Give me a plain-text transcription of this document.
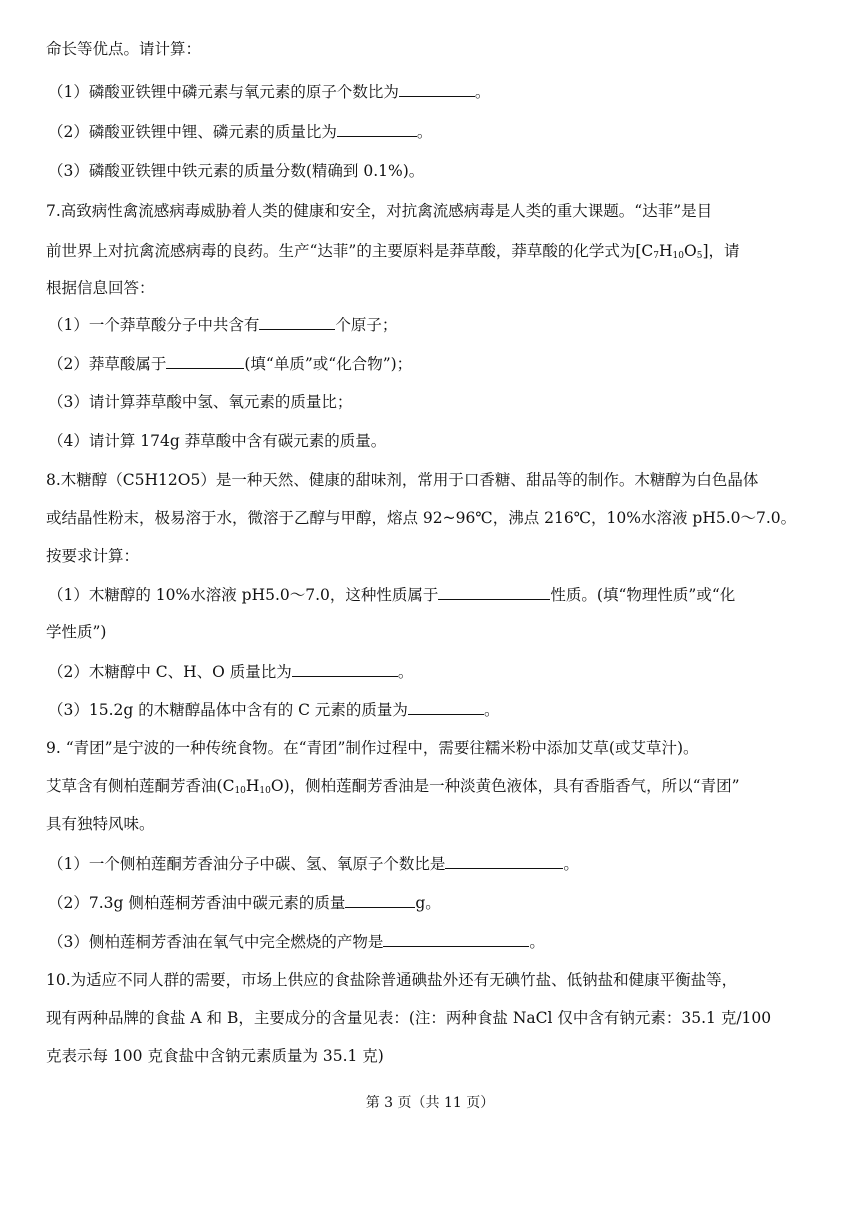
命长等优点。请计算：
（1）磷酸亚铁锂中磷元素与氧元素的原子个数比为	。
（2）磷酸亚铁锂中锂、磷元素的质量比为	。
（3）磷酸亚铁锂中铁元素的质量分数(精确到 0.1%)。
7.高致病性禽流感病毒威胁着人类的健康和安全，对抗禽流感病毒是人类的重大课题。“达菲”是目
前世界上对抗禽流感病毒的良药。生产“达菲”的主要原料是莽草酸，莽草酸的化学式为$[C_7H_{10}O_5]$，请
根据信息回答：
（1）一个莽草酸分子中共含有	个原子；
（2）莽草酸属于	(填“单质”或“化合物”)；
（3）请计算莽草酸中氢、氧元素的质量比；
（4）请计算 174g 莽草酸中含有碳元素的质量。
8.木糖醇（C5H12O5）是一种天然、健康的甜味剂，常用于口香糖、甜品等的制作。木糖醇为白色晶体
或结晶性粉末，极易溶于水，微溶于乙醇与甲醇，熔点 92~96℃，沸点 216℃，10%水溶液 pH5.0～7.0。
按要求计算：
（1）木糖醇的 10%水溶液 pH5.0～7.0，这种性质属于	性质。(填“物理性质”或“化
学性质”)
（2）木糖醇中 C、H、O 质量比为	。
（3）15.2g 的木糖醇晶体中含有的 C 元素的质量为	。
9. “青团”是宁波的一种传统食物。在“青团”制作过程中，需要往糯米粉中添加艾草(或艾草汁)。
艾草含有侧柏莲酮芳香油$(C_{10}H_{10}O)$，侧柏莲酮芳香油是一种淡黄色液体，具有香脂香气，所以“青团”
具有独特风味。
（1）一个侧柏莲酮芳香油分子中碳、氢、氧原子个数比是	。
（2）7.3g 侧柏莲桐芳香油中碳元素的质量	g。
（3）侧柏莲桐芳香油在氧气中完全燃烧的产物是	。
10.为适应不同人群的需要，市场上供应的食盐除普通碘盐外还有无碘竹盐、低钠盐和健康平衡盐等，
现有两种品牌的食盐 A 和 B，主要成分的含量见表：(注：两种食盐 NaCl 仅中含有钠元素：35.1 克/100
克表示每 100 克食盐中含钠元素质量为 35.1 克)
第 3 页（共 11 页）
